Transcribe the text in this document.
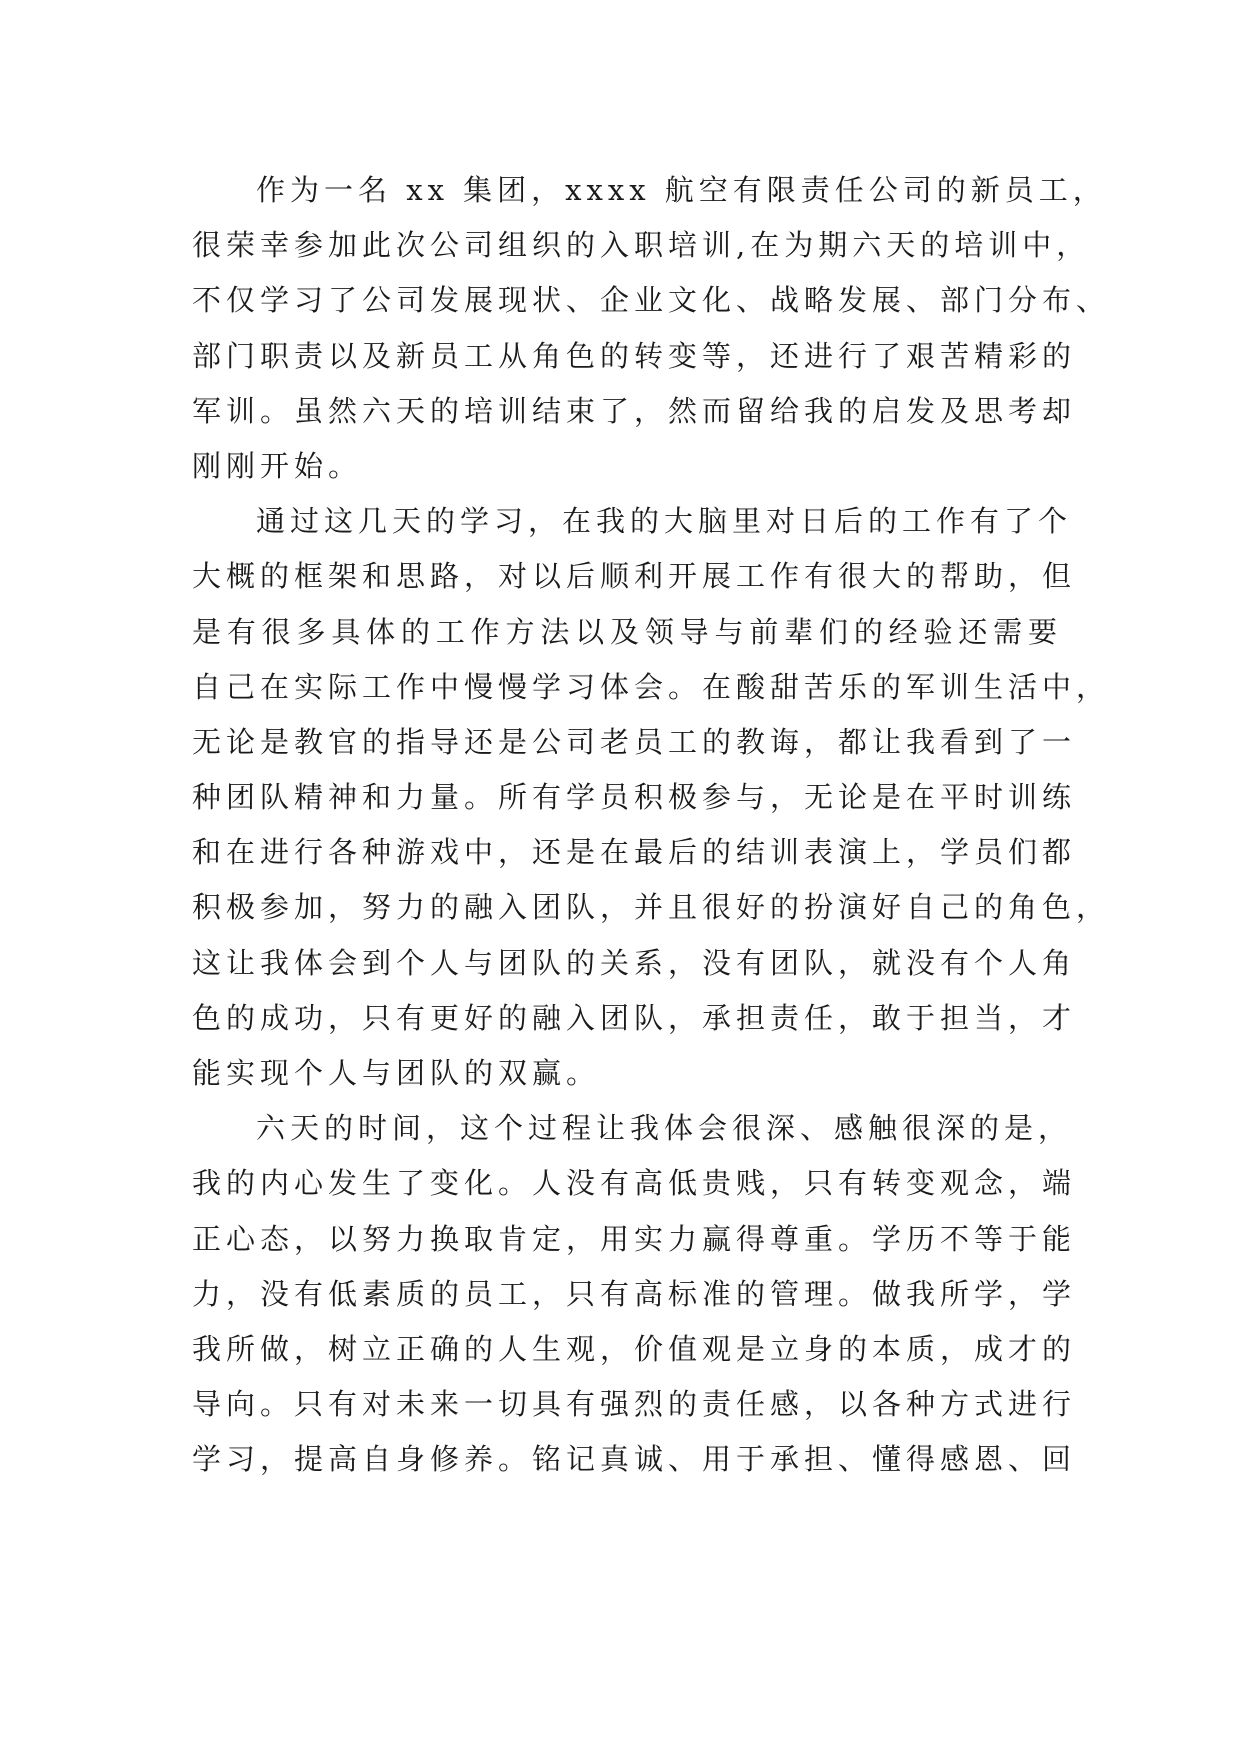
作为一名 xx 集团，xxxx 航空有限责任公司的新员工，
很荣幸参加此次公司组织的入职培训,在为期六天的培训中，
不仅学习了公司发展现状、企业文化、战略发展、部门分布、
部门职责以及新员工从角色的转变等，还进行了艰苦精彩的
军训。虽然六天的培训结束了，然而留给我的启发及思考却
刚刚开始。
通过这几天的学习，在我的大脑里对日后的工作有了个
大概的框架和思路，对以后顺利开展工作有很大的帮助，但
是有很多具体的工作方法以及领导与前辈们的经验还需要
自己在实际工作中慢慢学习体会。在酸甜苦乐的军训生活中，
无论是教官的指导还是公司老员工的教诲，都让我看到了一
种团队精神和力量。所有学员积极参与，无论是在平时训练
和在进行各种游戏中，还是在最后的结训表演上，学员们都
积极参加，努力的融入团队，并且很好的扮演好自己的角色，
这让我体会到个人与团队的关系，没有团队，就没有个人角
色的成功，只有更好的融入团队，承担责任，敢于担当，才
能实现个人与团队的双赢。
六天的时间，这个过程让我体会很深、感触很深的是，
我的内心发生了变化。人没有高低贵贱，只有转变观念，端
正心态，以努力换取肯定，用实力赢得尊重。学历不等于能
力，没有低素质的员工，只有高标准的管理。做我所学，学
我所做，树立正确的人生观，价值观是立身的本质，成才的
导向。只有对未来一切具有强烈的责任感，以各种方式进行
学习，提高自身修养。铭记真诚、用于承担、懂得感恩、回
